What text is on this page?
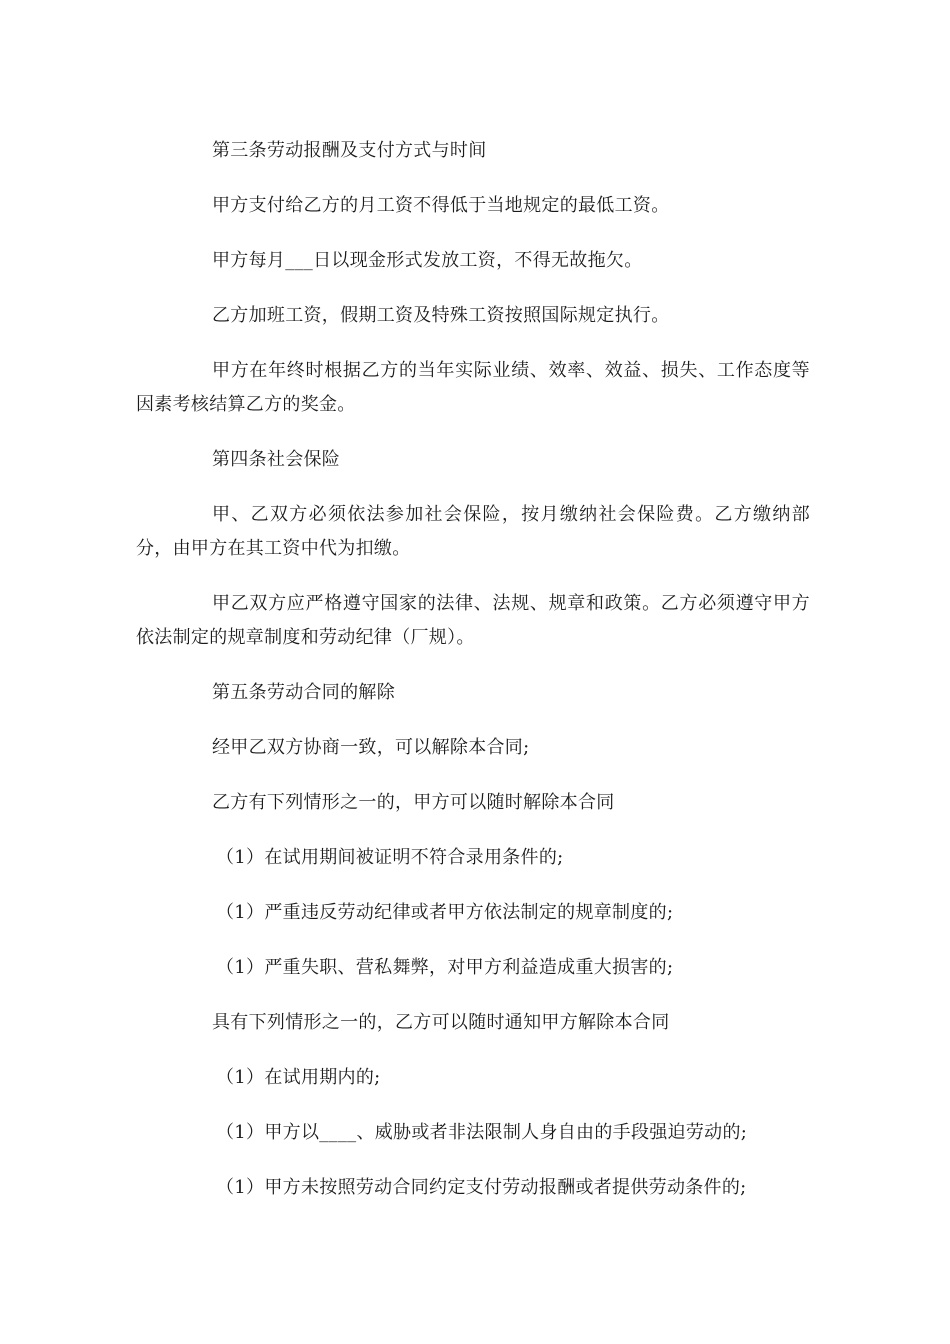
第三条劳动报酬及支付方式与时间

甲方支付给乙方的月工资不得低于当地规定的最低工资。

甲方每月___日以现金形式发放工资，不得无故拖欠。

乙方加班工资，假期工资及特殊工资按照国际规定执行。

甲方在年终时根据乙方的当年实际业绩、效率、效益、损失、工作态度等因素考核结算乙方的奖金。

第四条社会保险

甲、乙双方必须依法参加社会保险，按月缴纳社会保险费。乙方缴纳部分，由甲方在其工资中代为扣缴。

甲乙双方应严格遵守国家的法律、法规、规章和政策。乙方必须遵守甲方依法制定的规章制度和劳动纪律（厂规）。

第五条劳动合同的解除

经甲乙双方协商一致，可以解除本合同;

乙方有下列情形之一的，甲方可以随时解除本合同

（1）在试用期间被证明不符合录用条件的;

（1）严重违反劳动纪律或者甲方依法制定的规章制度的;

（1）严重失职、营私舞弊，对甲方利益造成重大损害的;

具有下列情形之一的，乙方可以随时通知甲方解除本合同

（1）在试用期内的;

（1）甲方以____、威胁或者非法限制人身自由的手段强迫劳动的;

（1）甲方未按照劳动合同约定支付劳动报酬或者提供劳动条件的;
